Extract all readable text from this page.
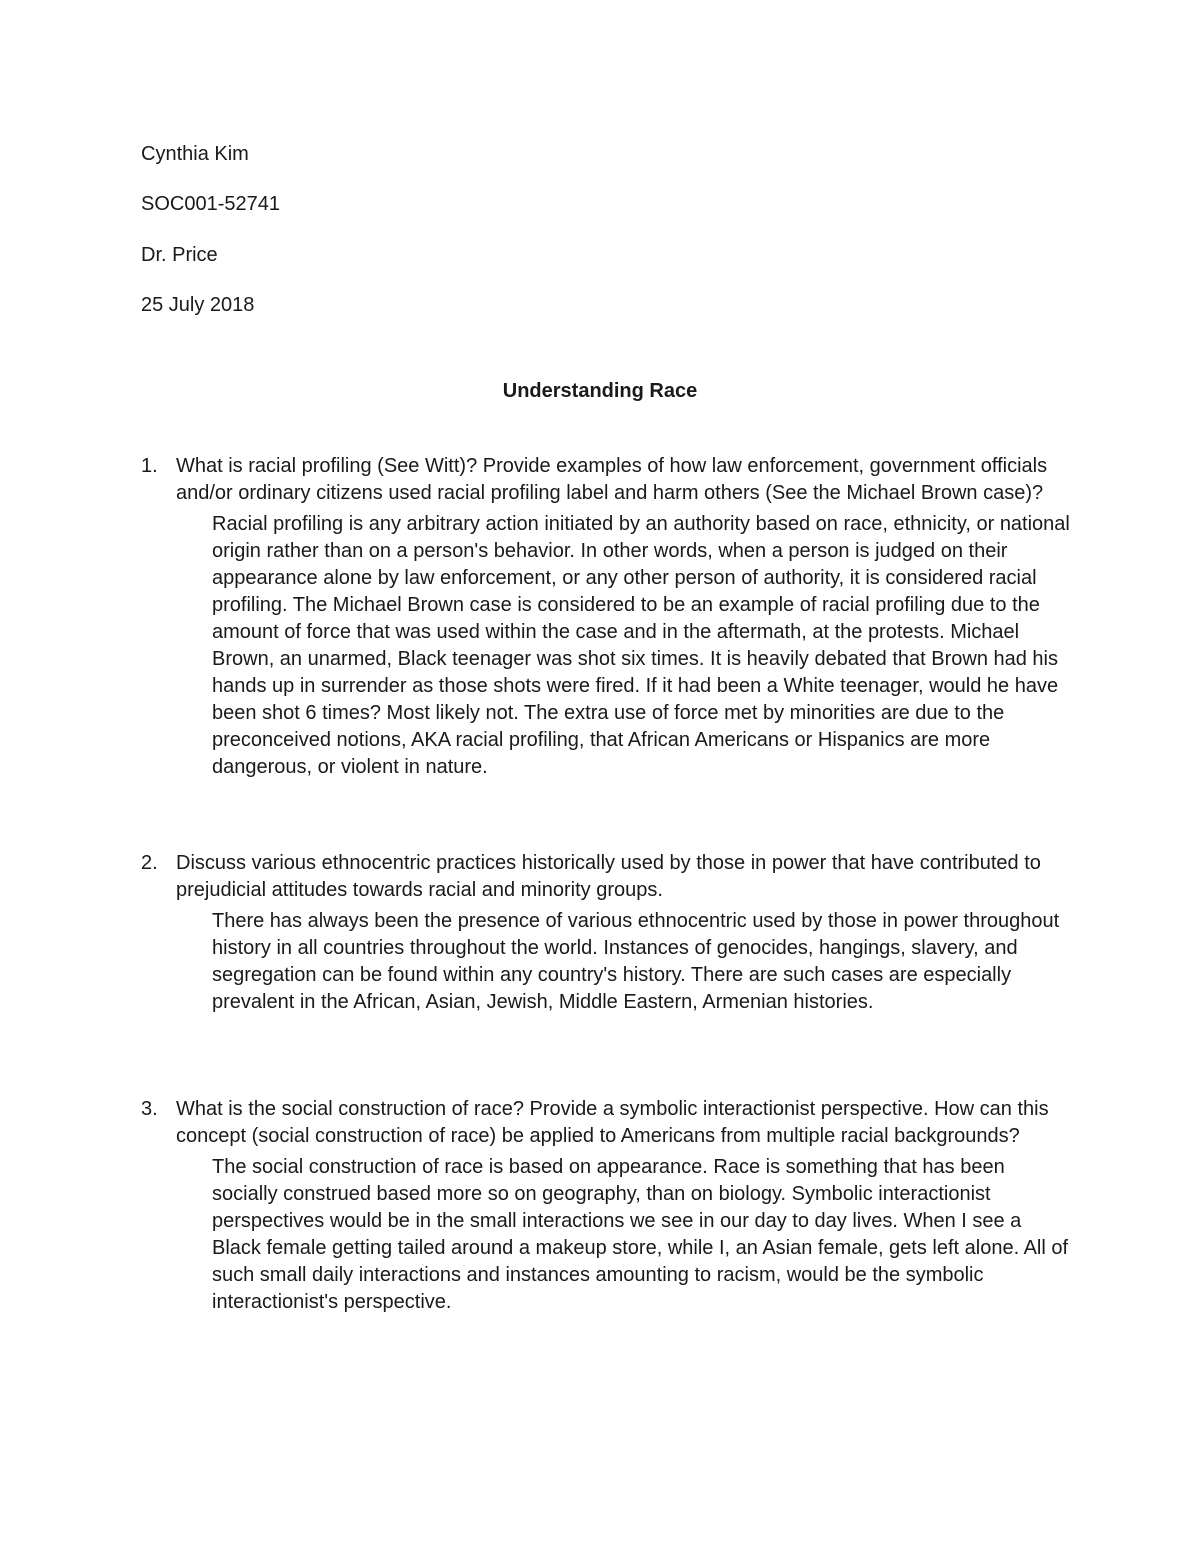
Cynthia Kim

SOC001-52741

Dr. Price

25 July 2018

Understanding Race
1. What is racial profiling (See Witt)? Provide examples of how law enforcement, government officials and/or ordinary citizens used racial profiling label and harm others (See the Michael Brown case)?
Racial profiling is any arbitrary action initiated by an authority based on race, ethnicity, or national origin rather than on a person's behavior. In other words, when a person is judged on their appearance alone by law enforcement, or any other person of authority, it is considered racial profiling. The Michael Brown case is considered to be an example of racial profiling due to the amount of force that was used within the case and in the aftermath, at the protests. Michael Brown, an unarmed, Black teenager was shot six times. It is heavily debated that Brown had his hands up in surrender as those shots were fired. If it had been a White teenager, would he have been shot 6 times? Most likely not. The extra use of force met by minorities are due to the preconceived notions, AKA racial profiling, that African Americans or Hispanics are more dangerous, or violent in nature.
2. Discuss various ethnocentric practices historically used by those in power that have contributed to prejudicial attitudes towards racial and minority groups.
There has always been the presence of various ethnocentric used by those in power throughout history in all countries throughout the world. Instances of genocides, hangings, slavery, and segregation can be found within any country's history. There are such cases are especially prevalent in the African, Asian, Jewish, Middle Eastern, Armenian histories.
3. What is the social construction of race? Provide a symbolic interactionist perspective. How can this concept (social construction of race) be applied to Americans from multiple racial backgrounds?
The social construction of race is based on appearance. Race is something that has been socially construed based more so on geography, than on biology. Symbolic interactionist perspectives would be in the small interactions we see in our day to day lives. When I see a Black female getting tailed around a makeup store, while I, an Asian female, gets left alone. All of such small daily interactions and instances amounting to racism, would be the symbolic interactionist's perspective.
